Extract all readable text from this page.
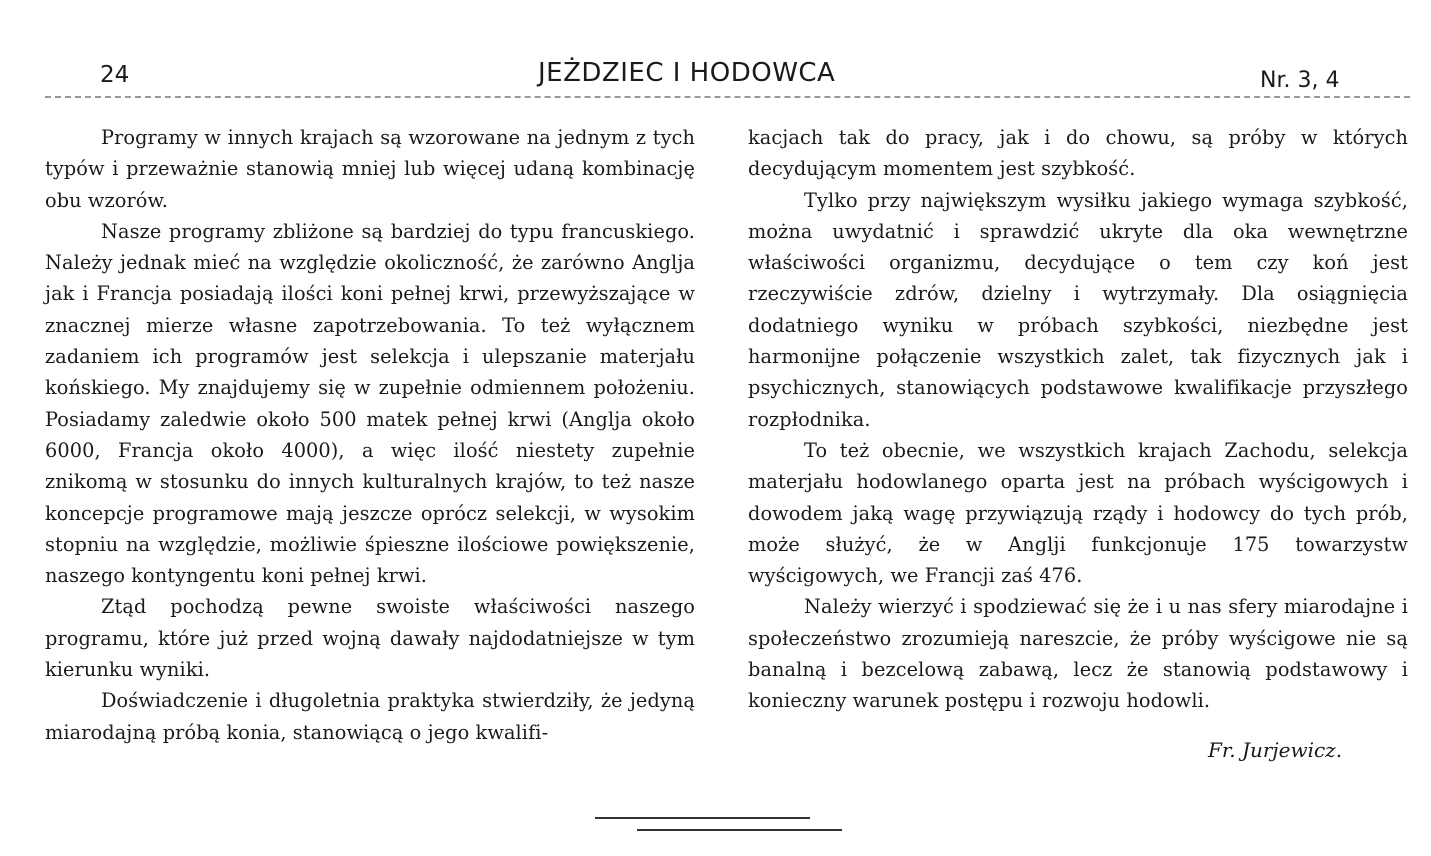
24	JEŻDZIEC I HODOWCA	Nr. 3, 4

Programy w innych krajach są wzorowane na jednym z tych typów i przeważnie stanowią mniej lub więcej udaną kombinację obu wzorów.

Nasze programy zbliżone są bardziej do typu francuskiego. Należy jednak mieć na względzie okoliczność, że zarówno Anglja jak i Francja posiadają ilości koni pełnej krwi, przewyższające w znacznej mierze własne zapotrzebowania. To też wyłącznem zadaniem ich programów jest selekcja i ulepszanie materjału końskiego. My znajdujemy się w zupełnie odmiennem położeniu. Posiadamy zaledwie około 500 matek pełnej krwi (Anglja około 6000, Francja około 4000), a więc ilość niestety zupełnie znikomą w stosunku do innych kulturalnych krajów, to też nasze koncepcje programowe mają jeszcze oprócz selekcji, w wysokim stopniu na względzie, możliwie śpieszne ilościowe powiększenie, naszego kontyngentu koni pełnej krwi.

Ztąd pochodzą pewne swoiste właściwości naszego programu, które już przed wojną dawały najdodatniejsze w tym kierunku wyniki.

Doświadczenie i długoletnia praktyka stwierdziły, że jedyną miarodajną próbą konia, stanowiącą o jego kwalifi-

kacjach tak do pracy, jak i do chowu, są próby w których decydującym momentem jest szybkość.

Tylko przy największym wysiłku jakiego wymaga szybkość, można uwydatnić i sprawdzić ukryte dla oka wewnętrzne właściwości organizmu, decydujące o tem czy koń jest rzeczywiście zdrów, dzielny i wytrzymały. Dla osiągnięcia dodatniego wyniku w próbach szybkości, niezbędne jest harmonijne połączenie wszystkich zalet, tak fizycznych jak i psychicznych, stanowiących podstawowe kwalifikacje przyszłego rozpłodnika.

To też obecnie, we wszystkich krajach Zachodu, selekcja materjału hodowlanego oparta jest na próbach wyścigowych i dowodem jaką wagę przywiązują rządy i hodowcy do tych prób, może służyć, że w Anglji funkcjonuje 175 towarzystw wyścigowych, we Francji zaś 476.

Należy wierzyć i spodziewać się że i u nas sfery miarodajne i społeczeństwo zrozumieją nareszcie, że próby wyścigowe nie są banalną i bezcelową zabawą, lecz że stanowią podstawowy i konieczny warunek postępu i rozwoju hodowli.

Fr. Jurjewicz.
